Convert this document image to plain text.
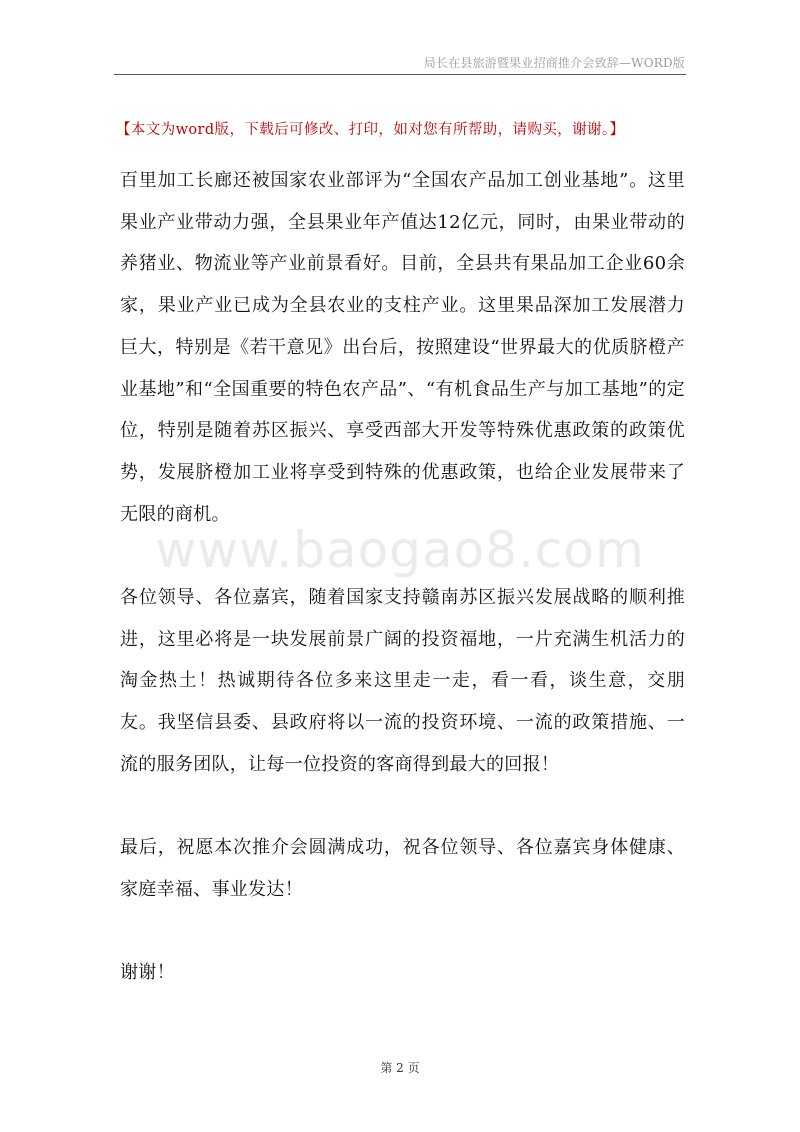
局长在县旅游暨果业招商推介会致辞—WORD版
【本文为word版，下载后可修改、打印，如对您有所帮助，请购买，谢谢。】
百里加工长廊还被国家农业部评为“全国农产品加工创业基地”。这里果业产业带动力强，全县果业年产值达12亿元，同时，由果业带动的养猪业、物流业等产业前景看好。目前，全县共有果品加工企业60余家，果业产业已成为全县农业的支柱产业。这里果品深加工发展潜力巨大，特别是《若干意见》出台后，按照建设“世界最大的优质脐橙产业基地”和“全国重要的特色农产品”、“有机食品生产与加工基地”的定位，特别是随着苏区振兴、享受西部大开发等特殊优惠政策的政策优势，发展脐橙加工业将享受到特殊的优惠政策，也给企业发展带来了无限的商机。
www.baogao8.com
各位领导、各位嘉宾，随着国家支持赣南苏区振兴发展战略的顺利推进，这里必将是一块发展前景广阔的投资福地，一片充满生机活力的淘金热土！热诚期待各位多来这里走一走，看一看，谈生意，交朋友。我坚信县委、县政府将以一流的投资环境、一流的政策措施、一流的服务团队，让每一位投资的客商得到最大的回报！
最后，祝愿本次推介会圆满成功，祝各位领导、各位嘉宾身体健康、家庭幸福、事业发达！
谢谢！
第 2 页
